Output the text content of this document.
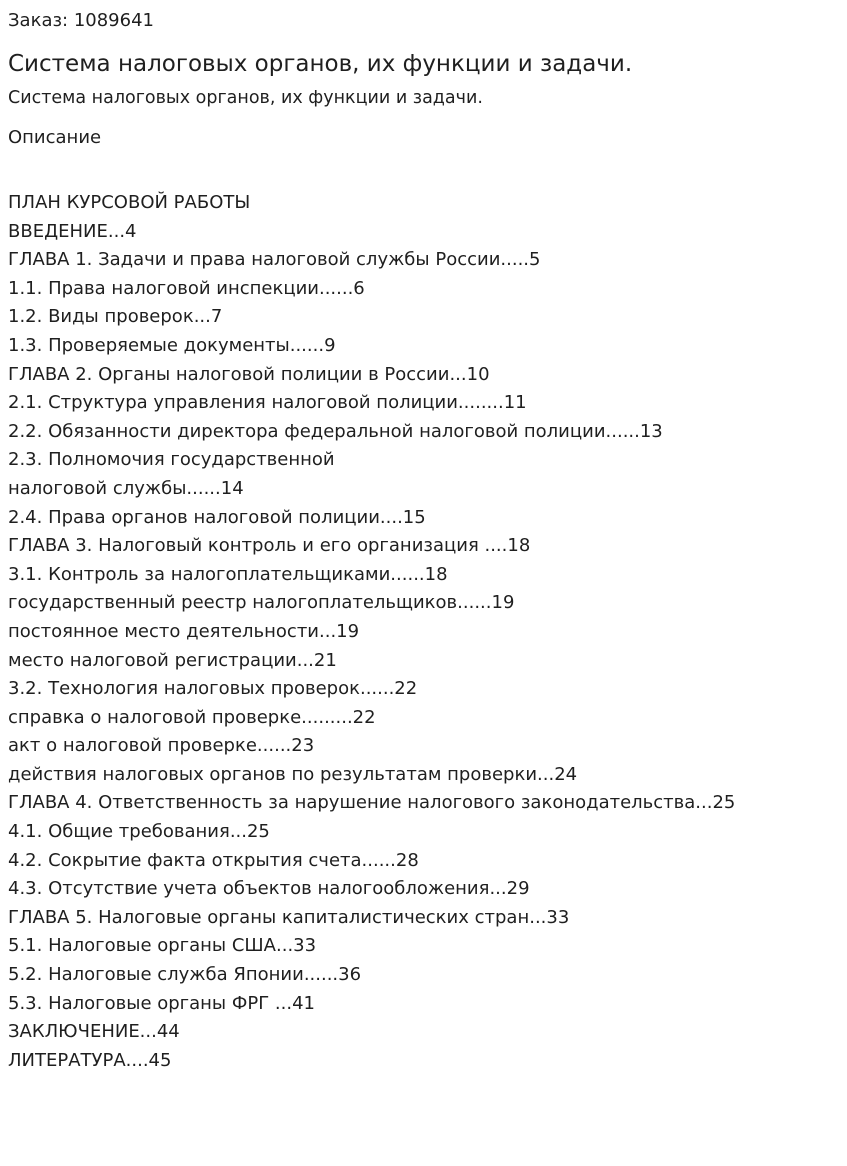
Заказ: 1089641

Система налоговых органов, их функции и задачи.

Система налоговых органов, их функции и задачи.

Описание

ПЛАН КУРСОВОЙ РАБОТЫ
ВВЕДЕНИЕ...4
ГЛАВА 1. Задачи и права налоговой службы России.....5
1.1. Права налоговой инспекции......6
1.2. Виды проверок...7
1.3. Проверяемые документы......9
ГЛАВА 2. Органы налоговой полиции в России...10
2.1. Структура управления налоговой полиции........11
2.2. Обязанности директора федеральной налоговой полиции......13
2.3. Полномочия государственной
налоговой службы......14
2.4. Права органов налоговой полиции....15
ГЛАВА 3. Налоговый контроль и его организация ....18
3.1. Контроль за налогоплательщиками......18
государственный реестр налогоплательщиков......19
постоянное место деятельности...19
место налоговой регистрации...21
3.2. Технология налоговых проверок......22
справка о налоговой проверке.........22
акт о налоговой проверке......23
действия налоговых органов по результатам проверки...24
ГЛАВА 4. Ответственность за нарушение налогового законодательства...25
4.1. Общие требования...25
4.2. Сокрытие факта открытия счета......28
4.3. Отсутствие учета объектов налогообложения...29
ГЛАВА 5. Налоговые органы капиталистических стран...33
5.1. Налоговые органы США...33
5.2. Налоговые служба Японии......36
5.3. Налоговые органы ФРГ ...41
ЗАКЛЮЧЕНИЕ...44
ЛИТЕРАТУРА....45
